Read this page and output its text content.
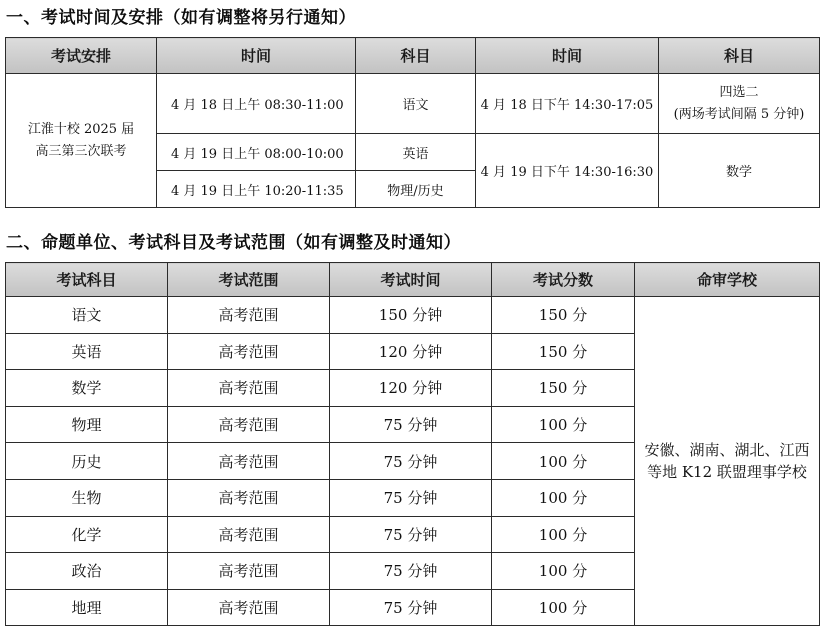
一、考试时间及安排（如有调整将另行通知）
考试安排	时间	科目	时间	科目

江淮十校 2025 届
高三第三次联考	4 月 18 日上午 08:30-11:00	语文	4 月 18 日下午 14:30-17:05	四选二
(两场考试间隔 5 分钟)

	4 月 19 日上午 08:00-10:00	英语	4 月 19 日下午 14:30-16:30	数学
	4 月 19 日上午 10:20-11:35	物理/历史		
二、命题单位、考试科目及考试范围（如有调整及时通知）
考试科目	考试范围	考试时间	考试分数	命审学校
语文	高考范围	150 分钟	150 分	安徽、湖南、湖北、江西
等地 K12 联盟理事学校

英语	高考范围	120 分钟	150 分	
数学	高考范围	120 分钟	150 分	
物理	高考范围	75 分钟	100 分	
历史	高考范围	75 分钟	100 分	
生物	高考范围	75 分钟	100 分	
化学	高考范围	75 分钟	100 分	
政治	高考范围	75 分钟	100 分	
地理	高考范围	75 分钟	100 分	
